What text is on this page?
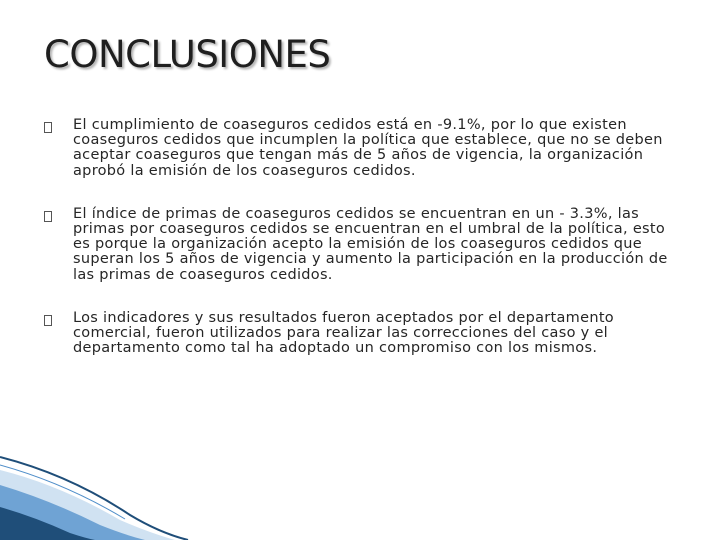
CONCLUSIONES
El cumplimiento de coaseguros cedidos está en -9.1%, por lo que existen coaseguros cedidos que incumplen la política que establece, que no se deben aceptar coaseguros que tengan más de 5 años de vigencia, la organización aprobó la emisión de los coaseguros cedidos.
El índice de primas de coaseguros cedidos se encuentran en un - 3.3%, las primas por coaseguros cedidos se encuentran en el umbral de la política, esto es porque la organización acepto la emisión de los coaseguros cedidos que superan los 5 años de vigencia y aumento la participación en la producción de las primas de coaseguros cedidos.
Los indicadores y sus resultados fueron aceptados por el departamento comercial, fueron utilizados para realizar las correcciones del caso y el departamento como tal ha adoptado un compromiso con los mismos.
